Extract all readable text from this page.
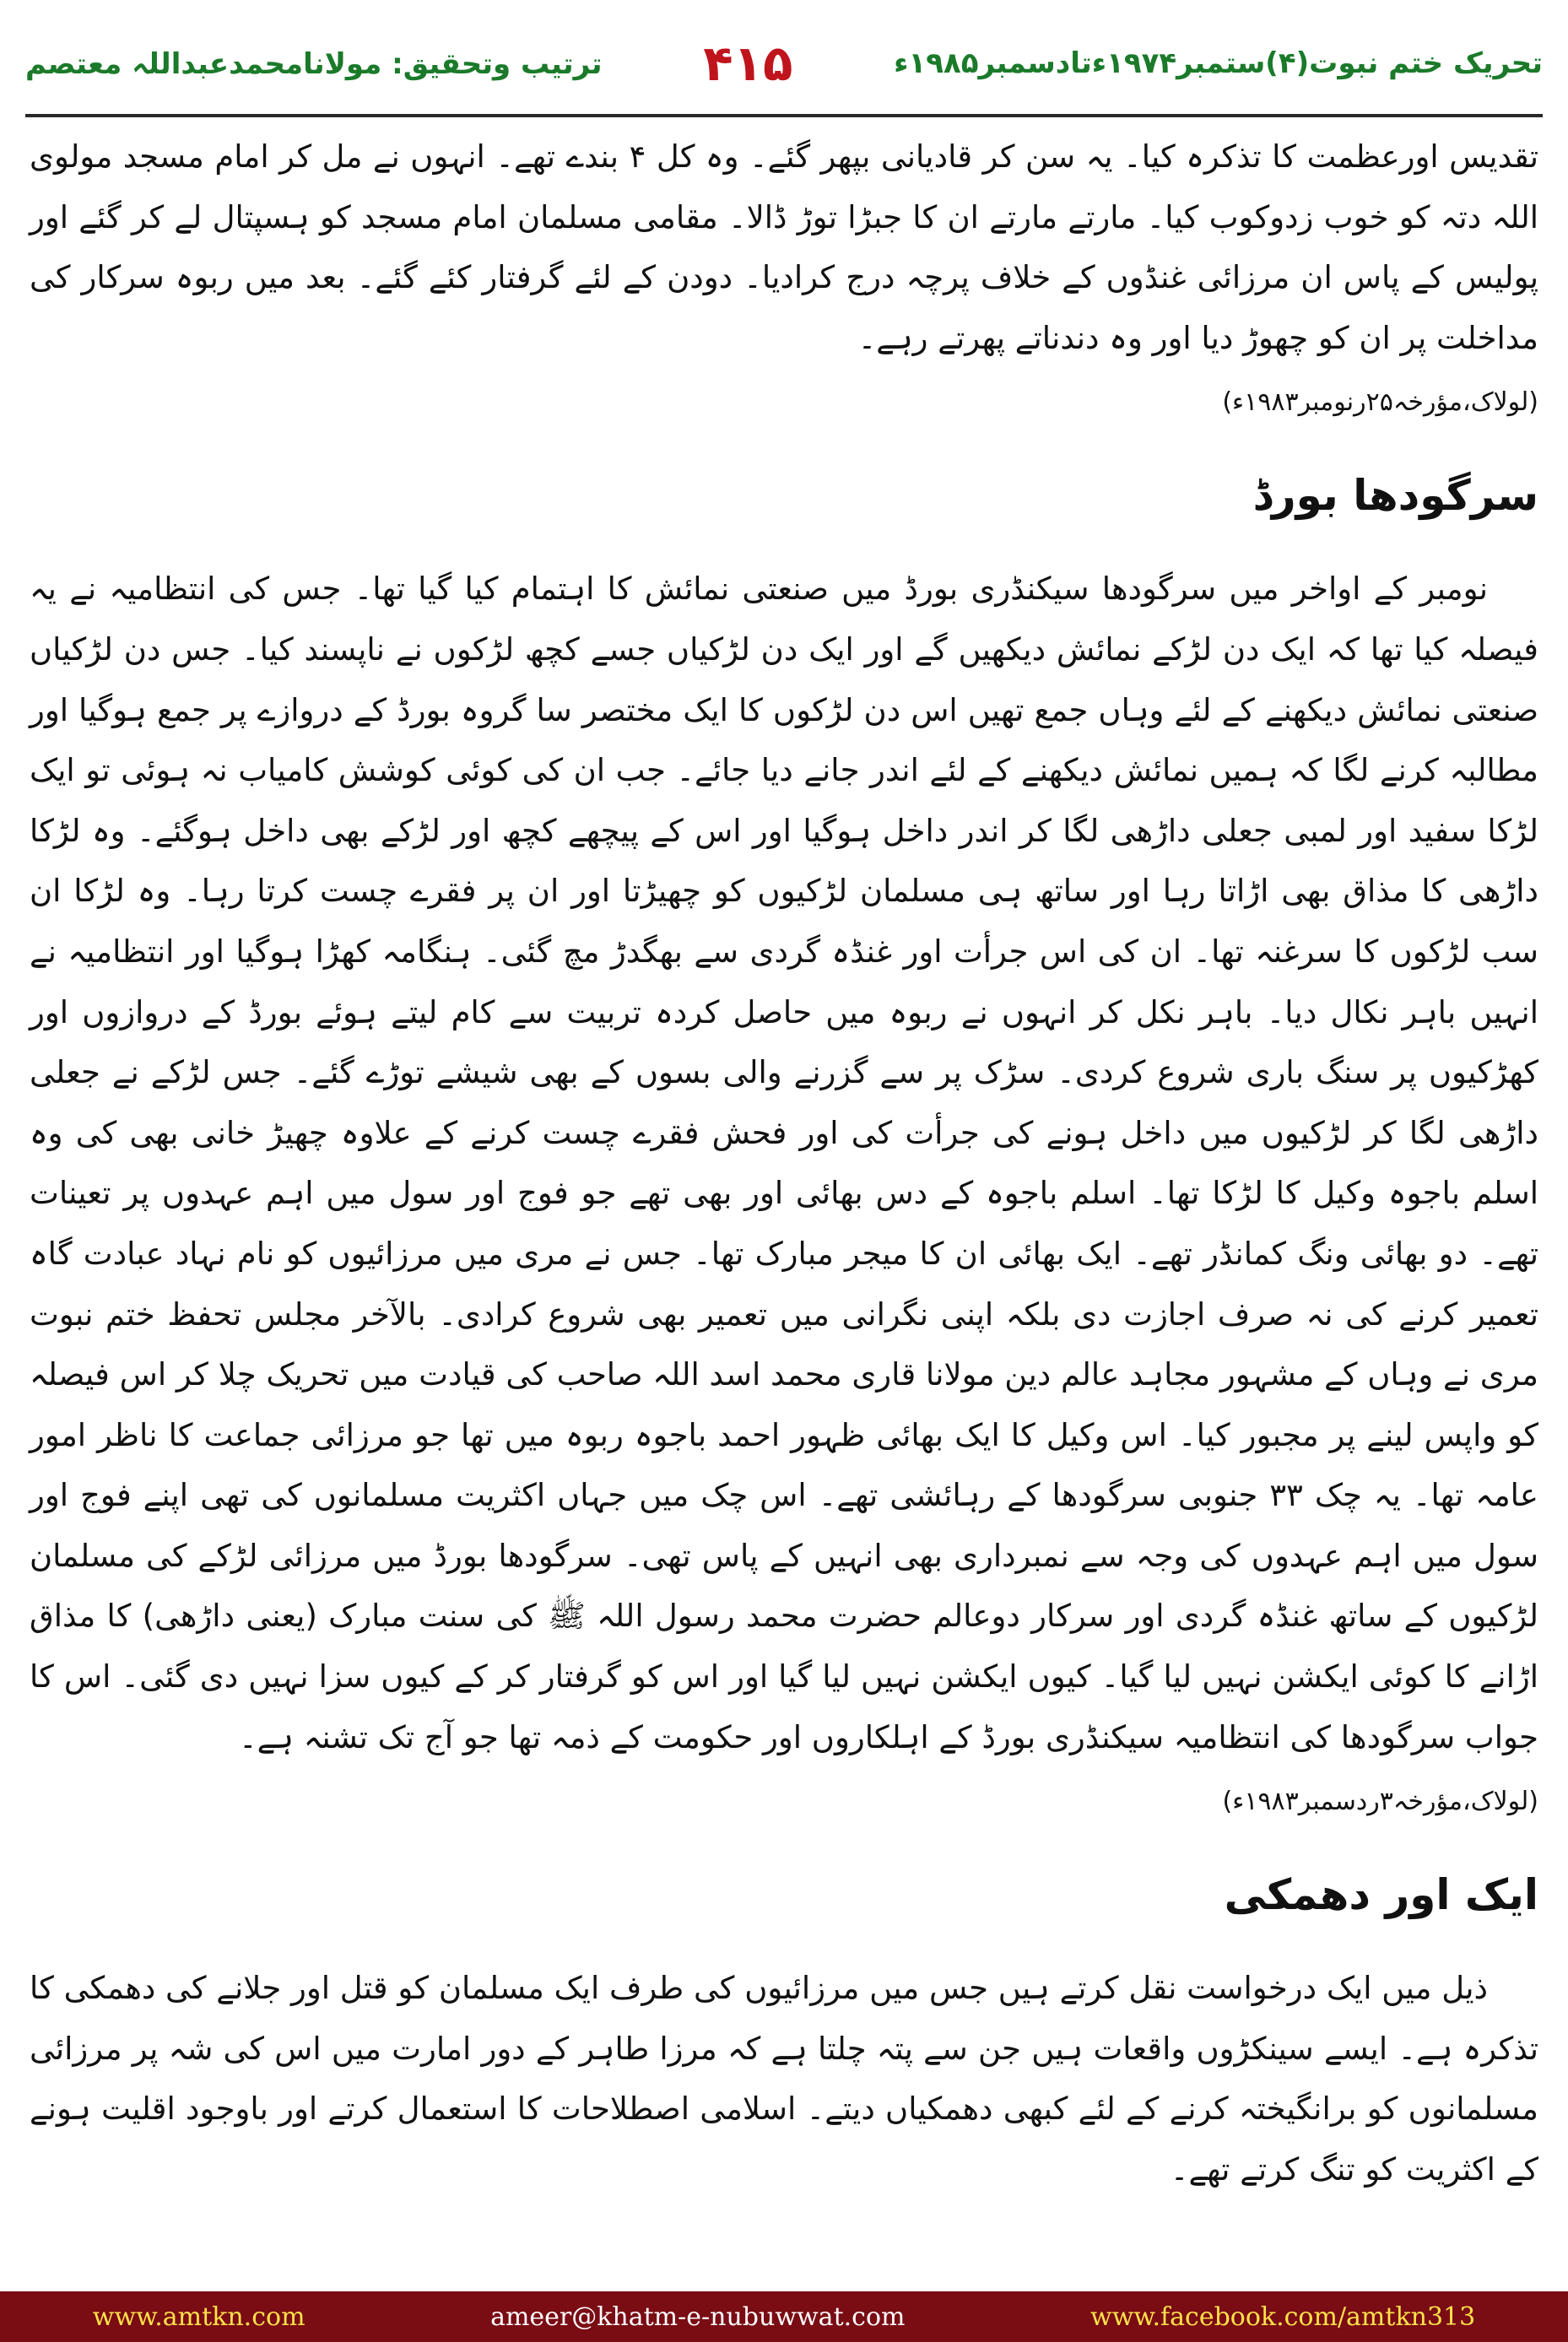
تحریک ختم نبوت(۴)ستمبر۱۹۷۴ءتادسمبر۱۹۸۵ء
۴۱۵
ترتیب وتحقیق: مولانامحمدعبداللہ معتصم

تقدیس اورعظمت کا تذکرہ کیا۔ یہ سن کر قادیانی بپھر گئے۔ وہ کل ۴ بندے تھے۔ انہوں نے مل کر امام مسجد مولوی اللہ دتہ کو خوب زدوکوب کیا۔ مارتے مارتے ان کا جبڑا توڑ ڈالا۔ مقامی مسلمان امام مسجد کو ہسپتال لے کر گئے اور پولیس کے پاس ان مرزائی غنڈوں کے خلاف پرچہ درج کرادیا۔ دودن کے لئے گرفتار کئے گئے۔ بعد میں ربوہ سرکار کی مداخلت پر ان کو چھوڑ دیا اور وہ دندناتے پھرتے رہے۔

(لولاک،مؤرخہ۲۵رنومبر۱۹۸۳ء)

سرگودھا بورڈ

نومبر کے اواخر میں سرگودھا سیکنڈری بورڈ میں صنعتی نمائش کا اہتمام کیا گیا تھا۔ جس کی انتظامیہ نے یہ فیصلہ کیا تھا کہ ایک دن لڑکے نمائش دیکھیں گے اور ایک دن لڑکیاں جسے کچھ لڑکوں نے ناپسند کیا۔ جس دن لڑکیاں صنعتی نمائش دیکھنے کے لئے وہاں جمع تھیں اس دن لڑکوں کا ایک مختصر سا گروہ بورڈ کے دروازے پر جمع ہوگیا اور مطالبہ کرنے لگا کہ ہمیں نمائش دیکھنے کے لئے اندر جانے دیا جائے۔ جب ان کی کوئی کوشش کامیاب نہ ہوئی تو ایک لڑکا سفید اور لمبی جعلی داڑھی لگا کر اندر داخل ہوگیا اور اس کے پیچھے کچھ اور لڑکے بھی داخل ہوگئے۔ وہ لڑکا داڑھی کا مذاق بھی اڑاتا رہا اور ساتھ ہی مسلمان لڑکیوں کو چھیڑتا اور ان پر فقرے چست کرتا رہا۔ وہ لڑکا ان سب لڑکوں کا سرغنہ تھا۔ ان کی اس جرأت اور غنڈہ گردی سے بھگدڑ مچ گئی۔ ہنگامہ کھڑا ہوگیا اور انتظامیہ نے انہیں باہر نکال دیا۔ باہر نکل کر انہوں نے ربوہ میں حاصل کردہ تربیت سے کام لیتے ہوئے بورڈ کے دروازوں اور کھڑکیوں پر سنگ باری شروع کردی۔ سڑک پر سے گزرنے والی بسوں کے بھی شیشے توڑے گئے۔ جس لڑکے نے جعلی داڑھی لگا کر لڑکیوں میں داخل ہونے کی جرأت کی اور فحش فقرے چست کرنے کے علاوہ چھیڑ خانی بھی کی وہ اسلم باجوہ وکیل کا لڑکا تھا۔ اسلم باجوہ کے دس بھائی اور بھی تھے جو فوج اور سول میں اہم عہدوں پر تعینات تھے۔ دو بھائی ونگ کمانڈر تھے۔ ایک بھائی ان کا میجر مبارک تھا۔ جس نے مری میں مرزائیوں کو نام نہاد عبادت گاہ تعمیر کرنے کی نہ صرف اجازت دی بلکہ اپنی نگرانی میں تعمیر بھی شروع کرادی۔ بالآخر مجلس تحفظ ختم نبوت مری نے وہاں کے مشہور مجاہد عالم دین مولانا قاری محمد اسد اللہ صاحب کی قیادت میں تحریک چلا کر اس فیصلہ کو واپس لینے پر مجبور کیا۔ اس وکیل کا ایک بھائی ظہور احمد باجوہ ربوہ میں تھا جو مرزائی جماعت کا ناظر امور عامہ تھا۔ یہ چک ۳۳ جنوبی سرگودھا کے رہائشی تھے۔ اس چک میں جہاں اکثریت مسلمانوں کی تھی اپنے فوج اور سول میں اہم عہدوں کی وجہ سے نمبرداری بھی انہیں کے پاس تھی۔ سرگودھا بورڈ میں مرزائی لڑکے کی مسلمان لڑکیوں کے ساتھ غنڈہ گردی اور سرکار دوعالم حضرت محمد رسول اللہ ﷺ کی سنت مبارک (یعنی داڑھی) کا مذاق اڑانے کا کوئی ایکشن نہیں لیا گیا۔ کیوں ایکشن نہیں لیا گیا اور اس کو گرفتار کر کے کیوں سزا نہیں دی گئی۔ اس کا جواب سرگودھا کی انتظامیہ سیکنڈری بورڈ کے اہلکاروں اور حکومت کے ذمہ تھا جو آج تک تشنہ ہے۔

(لولاک،مؤرخہ۳ردسمبر۱۹۸۳ء)

ایک اور دھمکی

ذیل میں ایک درخواست نقل کرتے ہیں جس میں مرزائیوں کی طرف ایک مسلمان کو قتل اور جلانے کی دھمکی کا تذکرہ ہے۔ ایسے سینکڑوں واقعات ہیں جن سے پتہ چلتا ہے کہ مرزا طاہر کے دور امارت میں اس کی شہ پر مرزائی مسلمانوں کو برانگیختہ کرنے کے لئے کبھی دھمکیاں دیتے۔ اسلامی اصطلاحات کا استعمال کرتے اور باوجود اقلیت ہونے کے اکثریت کو تنگ کرتے تھے۔

www.amtkn.com	ameer@khatm-e-nubuwwat.com	www.facebook.com/amtkn313
